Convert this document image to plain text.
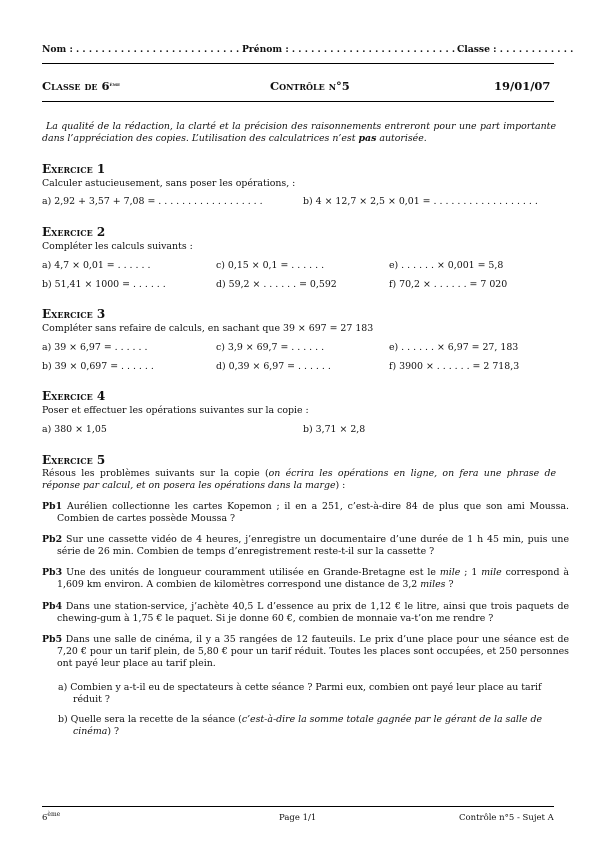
Nom : . . . . . . . . . . . . . . . . . . . . . . . . . . . . .
Prénom : . . . . . . . . . . . . . . . . . . . . . . . . . . . . .
Classe : . . . . . . . . . . . .
Classe de 6ème	Contrôle n°5	19/01/07
La qualité de la rédaction, la clarté et la précision des raisonnements entreront pour une part importante dans l’appréciation des copies. L’utilisation des calculatrices n’est pas autorisée.
Exercice 1
Calculer astucieusement, sans poser les opérations, :
a) 2,92 + 3,57 + 7,08 = . . . . . . . . . . . . . . . . . .	b) 4 × 12,7 × 2,5 × 0,01 = . . . . . . . . . . . . . . . . . .
Exercice 2
Compléter les calculs suivants :
a) 4,7 × 0,01 = . . . . . .	c) 0,15 × 0,1 = . . . . . .	e) . . . . . . × 0,001 = 5,8
b) 51,41 × 1000 = . . . . . .	d) 59,2 × . . . . . . = 0,592	f) 70,2 × . . . . . . = 7 020
Exercice 3
Compléter sans refaire de calculs, en sachant que 39 × 697 = 27 183
a) 39 × 6,97 = . . . . . .	c) 3,9 × 69,7 = . . . . . .	e) . . . . . . × 6,97 = 27, 183
b) 39 × 0,697 = . . . . . .	d) 0,39 × 6,97 = . . . . . .	f) 3900 × . . . . . . = 2 718,3
Exercice 4
Poser et effectuer les opérations suivantes sur la copie :
a) 380 × 1,05	b) 3,71 × 2,8
Exercice 5
Résous les problèmes suivants sur la copie (on écrira les opérations en ligne, on fera une phrase de réponse par calcul, et on posera les opérations dans la marge) :
Pb1 Aurélien collectionne les cartes Kopemon ; il en a 251, c’est-à-dire 84 de plus que son ami Moussa. Combien de cartes possède Moussa ?
Pb2 Sur une cassette vidéo de 4 heures, j’enregistre un documentaire d’une durée de 1 h 45 min, puis une série de 26 min. Combien de temps d’enregistrement reste-t-il sur la cassette ?
Pb3 Une des unités de longueur couramment utilisée en Grande-Bretagne est le mile ; 1 mile correspond à 1,609 km environ. A combien de kilomètres correspond une distance de 3,2 miles ?
Pb4 Dans une station-service, j’achète 40,5 L d’essence au prix de 1,12 € le litre, ainsi que trois paquets de chewing-gum à 1,75 € le paquet. Si je donne 60 €, combien de monnaie va-t’on me rendre ?
Pb5 Dans une salle de cinéma, il y a 35 rangées de 12 fauteuils. Le prix d’une place pour une séance est de 7,20 € pour un tarif plein, de 5,80 € pour un tarif réduit. Toutes les places sont occupées, et 250 personnes ont payé leur place au tarif plein.
a) Combien y a-t-il eu de spectateurs à cette séance ? Parmi eux, combien ont payé leur place au tarif réduit ?
b) Quelle sera la recette de la séance (c’est-à-dire la somme totale gagnée par le gérant de la salle de cinéma) ?
6ème	Page 1/1	Contrôle n°5 - Sujet A
